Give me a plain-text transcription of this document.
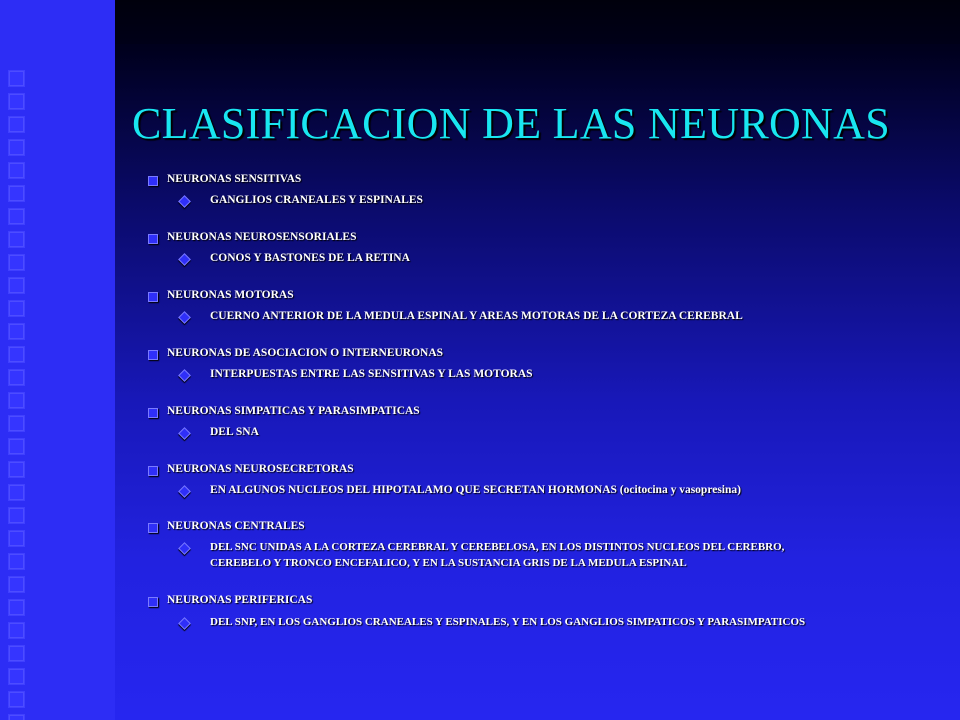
CLASIFICACION DE LAS NEURONAS
NEURONAS SENSITIVAS
GANGLIOS CRANEALES Y ESPINALES
NEURONAS NEUROSENSORIALES
CONOS Y BASTONES DE LA RETINA
NEURONAS MOTORAS
CUERNO ANTERIOR DE LA MEDULA ESPINAL Y AREAS MOTORAS DE LA CORTEZA CEREBRAL
NEURONAS DE ASOCIACION O INTERNEURONAS
INTERPUESTAS ENTRE LAS SENSITIVAS Y LAS MOTORAS
NEURONAS SIMPATICAS Y PARASIMPATICAS
DEL SNA
NEURONAS NEUROSECRETORAS
EN ALGUNOS NUCLEOS DEL HIPOTALAMO QUE SECRETAN HORMONAS (ocitocina y vasopresina)
NEURONAS CENTRALES
DEL SNC UNIDAS A LA CORTEZA CEREBRAL Y CEREBELOSA, EN LOS DISTINTOS NUCLEOS DEL CEREBRO,
CEREBELO Y TRONCO ENCEFALICO, Y EN LA SUSTANCIA GRIS DE LA MEDULA ESPINAL
NEURONAS PERIFERICAS
DEL SNP, EN LOS GANGLIOS CRANEALES Y ESPINALES, Y EN LOS GANGLIOS SIMPATICOS Y PARASIMPATICOS
